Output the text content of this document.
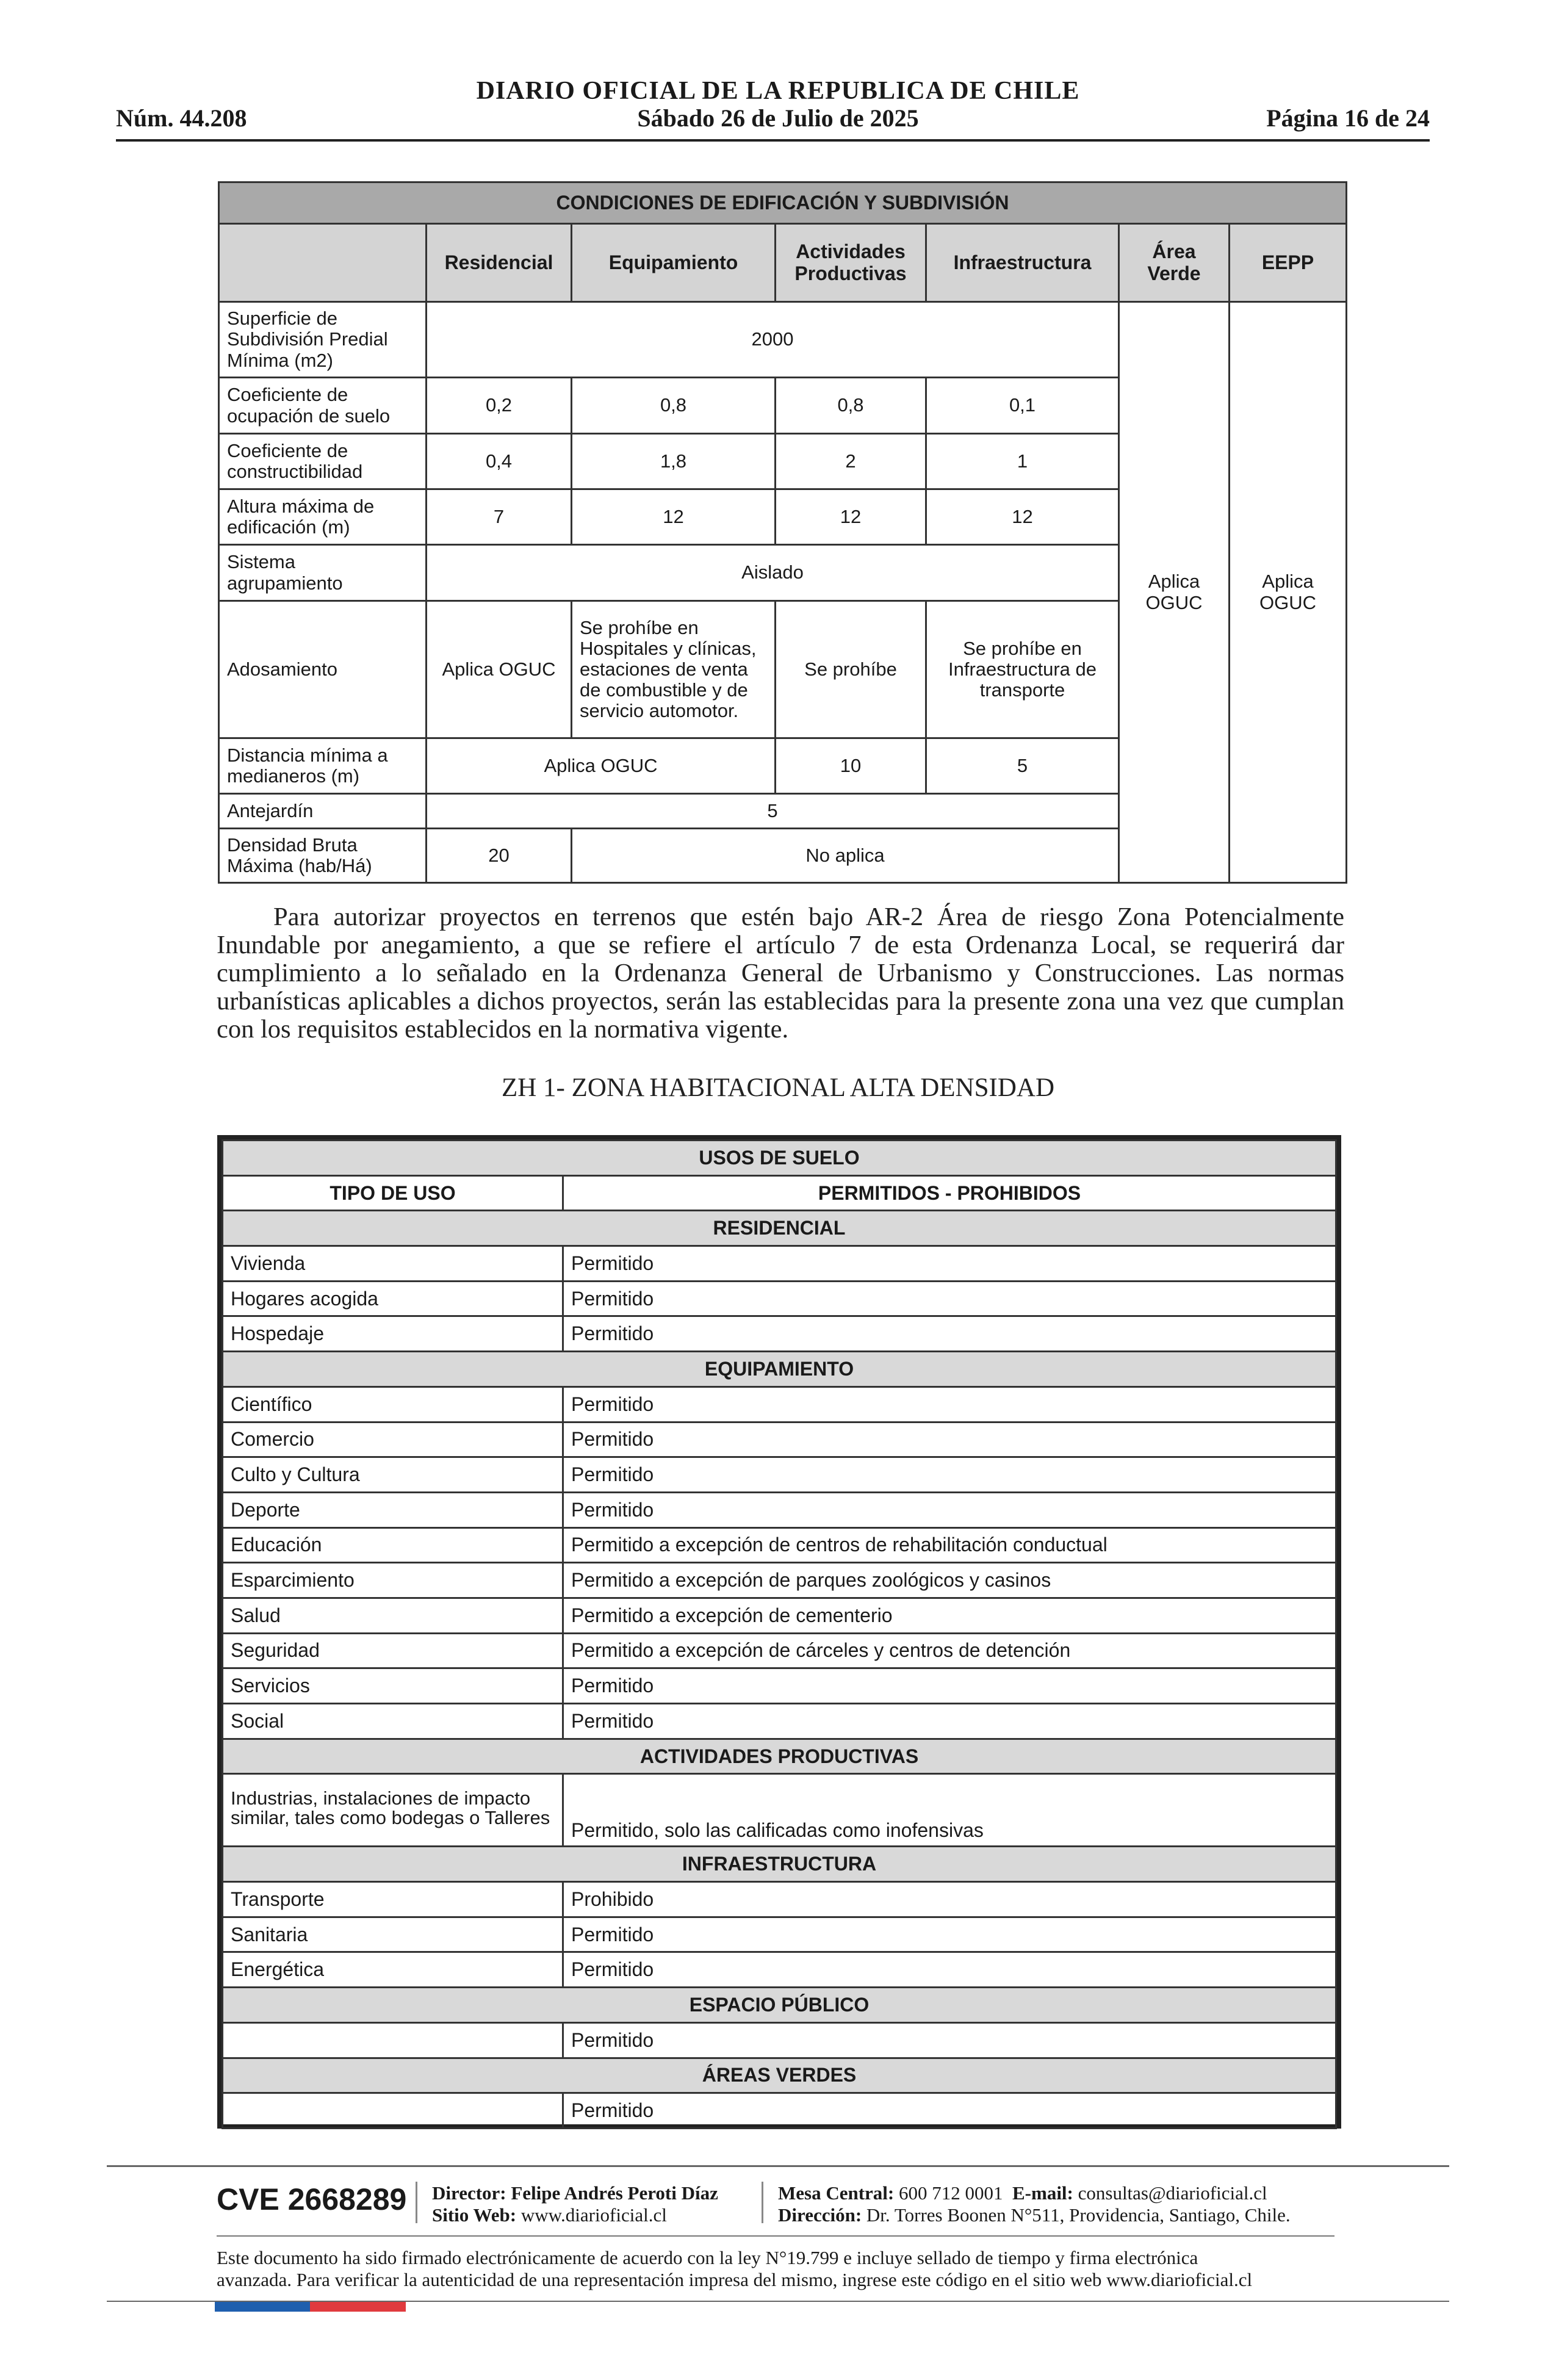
DIARIO OFICIAL DE LA REPUBLICA DE CHILE
Núm. 44.208	Sábado 26 de Julio de 2025	Página 16 de 24
CONDICIONES DE EDIFICACIÓN Y SUBDIVISIÓN						
	Residencial	Equipamiento	Actividades Productivas	Infraestructura	Área Verde	EEPP
Superficie de Subdivisión Predial Mínima (m2)	2000				Aplica OGUC	Aplica OGUC
Coeficiente de ocupación de suelo	0,2	0,8	0,8	0,1		
Coeficiente de constructibilidad	0,4	1,8	2	1		
Altura máxima de edificación (m)	7	12	12	12		
Sistema agrupamiento	Aislado					
Adosamiento	Aplica OGUC	Se prohíbe en Hospitales y clínicas, estaciones de venta de combustible y de servicio automotor.	Se prohíbe	Se prohíbe en Infraestructura de transporte		
Distancia mínima a medianeros (m)	Aplica OGUC		10	5		
Antejardín	5					
Densidad Bruta Máxima (hab/Há)	20	No aplica				
Para autorizar proyectos en terrenos que estén bajo AR-2 Área de riesgo Zona Potencialmente Inundable por anegamiento, a que se refiere el artículo 7 de esta Ordenanza Local, se requerirá dar cumplimiento a lo señalado en la Ordenanza General de Urbanismo y Construcciones. Las normas urbanísticas aplicables a dichos proyectos, serán las establecidas para la presente zona una vez que cumplan con los requisitos establecidos en la normativa vigente.
ZH 1- ZONA HABITACIONAL ALTA DENSIDAD
USOS DE SUELO	
TIPO DE USO	PERMITIDOS - PROHIBIDOS
RESIDENCIAL	
Vivienda	Permitido
Hogares acogida	Permitido
Hospedaje	Permitido
EQUIPAMIENTO	
Científico	Permitido
Comercio	Permitido
Culto y Cultura	Permitido
Deporte	Permitido
Educación	Permitido a excepción de centros de rehabilitación conductual
Esparcimiento	Permitido a excepción de parques zoológicos y casinos
Salud	Permitido a excepción de cementerio
Seguridad	Permitido a excepción de cárceles y centros de detención
Servicios	Permitido
Social	Permitido
ACTIVIDADES PRODUCTIVAS	
Industrias, instalaciones de impacto similar, tales como bodegas o Talleres	Permitido, solo las calificadas como inofensivas
INFRAESTRUCTURA	
Transporte	Prohibido
Sanitaria	Permitido
Energética	Permitido
ESPACIO PÚBLICO	
	Permitido
ÁREAS VERDES	
	Permitido
CVE 2668289 Director: Felipe Andrés Peroti Díaz
Sitio Web: www.diarioficial.cl
Mesa Central: 600 712 0001 E-mail: consultas@diarioficial.cl
Dirección: Dr. Torres Boonen N°511, Providencia, Santiago, Chile.
Este documento ha sido firmado electrónicamente de acuerdo con la ley N°19.799 e incluye sellado de tiempo y firma electrónica
avanzada. Para verificar la autenticidad de una representación impresa del mismo, ingrese este código en el sitio web www.diarioficial.cl
